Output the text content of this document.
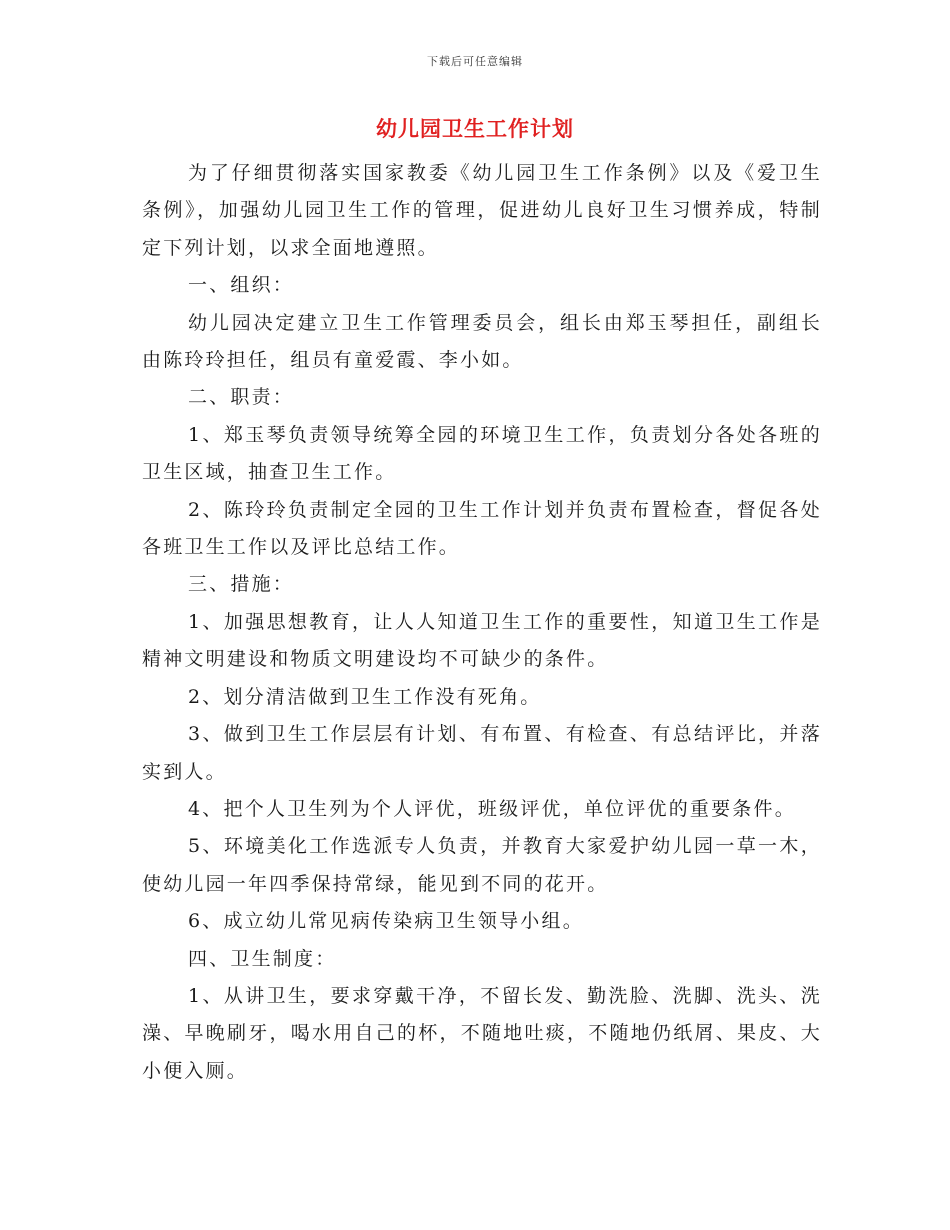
下载后可任意编辑
幼儿园卫生工作计划

为了仔细贯彻落实国家教委《幼儿园卫生工作条例》以及《爱卫生条例》，加强幼儿园卫生工作的管理，促进幼儿良好卫生习惯养成，特制定下列计划，以求全面地遵照。

一、组织：

幼儿园决定建立卫生工作管理委员会，组长由郑玉琴担任，副组长由陈玲玲担任，组员有童爱霞、李小如。

二、职责：

1、郑玉琴负责领导统筹全园的环境卫生工作，负责划分各处各班的卫生区域，抽查卫生工作。

2、陈玲玲负责制定全园的卫生工作计划并负责布置检查，督促各处各班卫生工作以及评比总结工作。

三、措施：

1、加强思想教育，让人人知道卫生工作的重要性，知道卫生工作是精神文明建设和物质文明建设均不可缺少的条件。

2、划分清洁做到卫生工作没有死角。

3、做到卫生工作层层有计划、有布置、有检查、有总结评比，并落实到人。

4、把个人卫生列为个人评优，班级评优，单位评优的重要条件。

5、环境美化工作选派专人负责，并教育大家爱护幼儿园一草一木，使幼儿园一年四季保持常绿，能见到不同的花开。

6、成立幼儿常见病传染病卫生领导小组。

四、卫生制度：

1、从讲卫生，要求穿戴干净，不留长发、勤洗脸、洗脚、洗头、洗澡、早晚刷牙，喝水用自己的杯，不随地吐痰，不随地仍纸屑、果皮、大小便入厕。
